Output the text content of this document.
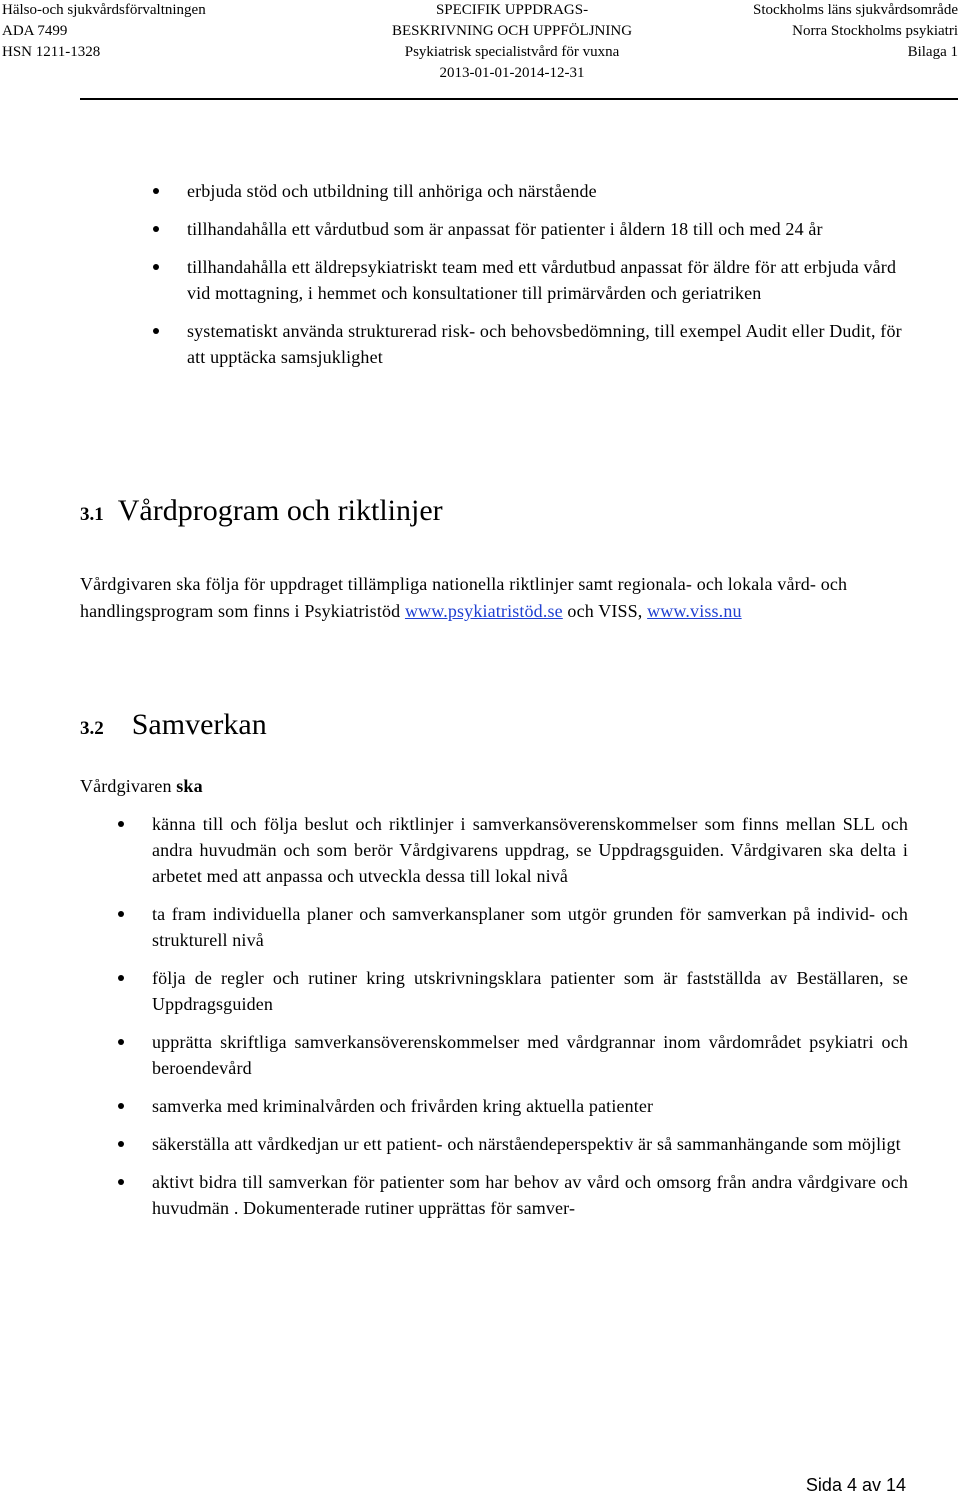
Hälso-och sjukvårdsförvaltningen
ADA 7499
HSN 1211-1328
SPECIFIK UPPDRAGS-
BESKRIVNING OCH UPPFÖLJNING
Psykiatrisk specialistvård för vuxna
2013-01-01-2014-12-31
Stockholms läns sjukvårdsområde
Norra Stockholms psykiatri
Bilaga 1
erbjuda stöd och utbildning till anhöriga och närstående
tillhandahålla ett vårdutbud som är anpassat för patienter i åldern 18 till och med 24 år
tillhandahålla ett äldrepsykiatriskt team med ett vårdutbud anpassat för äldre för att erbjuda vård vid mottagning, i hemmet och konsultationer till primärvården och geriatriken
systematiskt använda strukturerad risk- och behovsbedömning, till exempel Audit eller Dudit, för att upptäcka samsjuklighet
3.1 Vårdprogram och riktlinjer
Vårdgivaren ska följa för uppdraget tillämpliga nationella riktlinjer samt regionala- och lokala vård- och handlingsprogram som finns i Psykiatristöd www.psykiatristöd.se och VISS, www.viss.nu
3.2 Samverkan
Vårdgivaren ska
känna till och följa beslut och riktlinjer i samverkansöverenskommelser som finns mellan SLL och andra huvudmän och som berör Vårdgivarens uppdrag, se Uppdragsguiden. Vårdgivaren ska delta i arbetet med att anpassa och utveckla dessa till lokal nivå
ta fram individuella planer och samverkansplaner som utgör grunden för samverkan på individ- och strukturell nivå
följa de regler och rutiner kring utskrivningsklara patienter som är fastställda av Beställaren, se Uppdragsguiden
upprätta skriftliga samverkansöverenskommelser med vårdgrannar inom vårdområdet psykiatri och beroendevård
samverka med kriminalvården och frivården kring aktuella patienter
säkerställa att vårdkedjan ur ett patient- och närståendeperspektiv är så sammanhängande som möjligt
aktivt bidra till samverkan för patienter som har behov av vård och omsorg från andra vårdgivare och huvudmän . Dokumenterade rutiner upprättas för samver-
Sida 4 av 14
